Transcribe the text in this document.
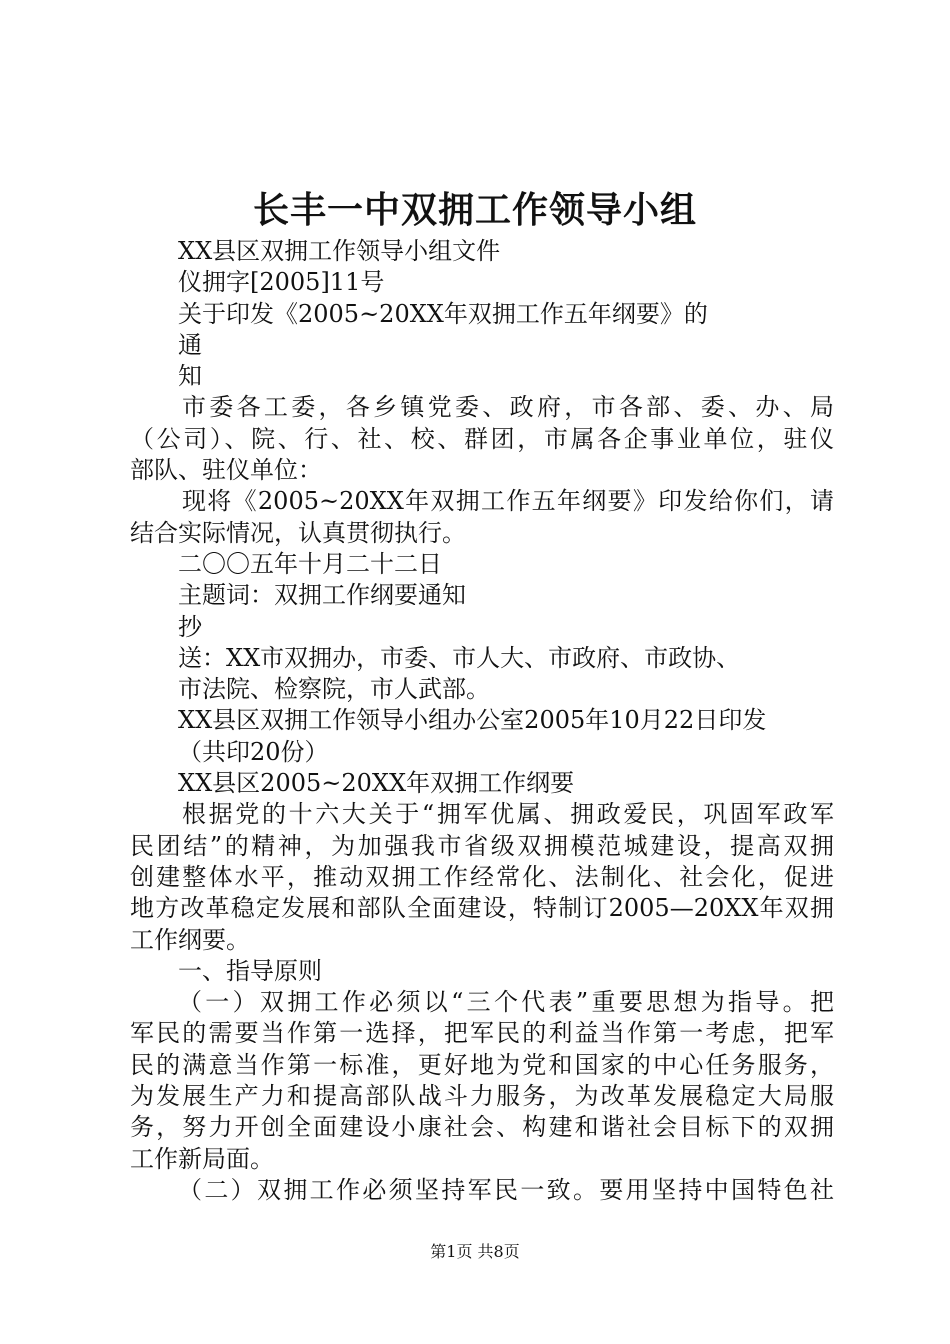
长丰一中双拥工作领导小组
XX县区双拥工作领导小组文件
仪拥字[2005]11号
关于印发《2005~20XX年双拥工作五年纲要》的
通
知
市委各工委，各乡镇党委、政府，市各部、委、办、局
（公司）、院、行、社、校、群团，市属各企事业单位，驻仪
部队、驻仪单位：
现将《2005~20XX年双拥工作五年纲要》印发给你们，请
结合实际情况，认真贯彻执行。
二〇〇五年十月二十二日
主题词：双拥工作纲要通知
抄
送：XX市双拥办，市委、市人大、市政府、市政协、
市法院、检察院，市人武部。
XX县区双拥工作领导小组办公室2005年10月22日印发
（共印20份）
XX县区2005~20XX年双拥工作纲要
根据党的十六大关于“拥军优属、拥政爱民，巩固军政军
民团结”的精神，为加强我市省级双拥模范城建设，提高双拥
创建整体水平，推动双拥工作经常化、法制化、社会化，促进
地方改革稳定发展和部队全面建设，特制订2005—20XX年双拥
工作纲要。
一、指导原则
（一）双拥工作必须以“三个代表”重要思想为指导。把
军民的需要当作第一选择，把军民的利益当作第一考虑，把军
民的满意当作第一标准，更好地为党和国家的中心任务服务，
为发展生产力和提高部队战斗力服务，为改革发展稳定大局服
务，努力开创全面建设小康社会、构建和谐社会目标下的双拥
工作新局面。
（二）双拥工作必须坚持军民一致。要用坚持中国特色社
第1页 共8页
